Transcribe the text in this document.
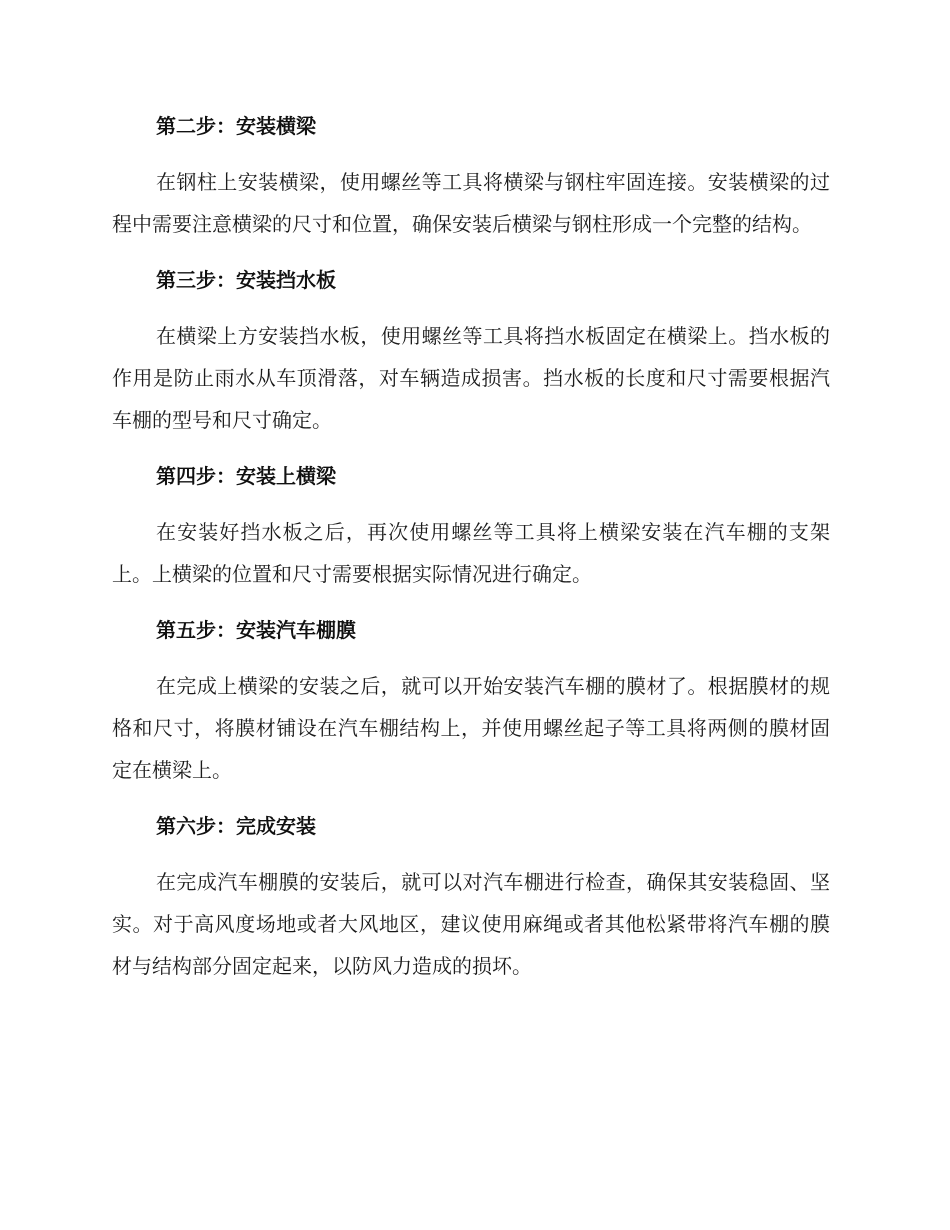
第二步：安装横梁

在钢柱上安装横梁，使用螺丝等工具将横梁与钢柱牢固连接。安装横梁的过程中需要注意横梁的尺寸和位置，确保安装后横梁与钢柱形成一个完整的结构。

第三步：安装挡水板

在横梁上方安装挡水板，使用螺丝等工具将挡水板固定在横梁上。挡水板的作用是防止雨水从车顶滑落，对车辆造成损害。挡水板的长度和尺寸需要根据汽车棚的型号和尺寸确定。

第四步：安装上横梁

在安装好挡水板之后，再次使用螺丝等工具将上横梁安装在汽车棚的支架上。上横梁的位置和尺寸需要根据实际情况进行确定。

第五步：安装汽车棚膜

在完成上横梁的安装之后，就可以开始安装汽车棚的膜材了。根据膜材的规格和尺寸，将膜材铺设在汽车棚结构上，并使用螺丝起子等工具将两侧的膜材固定在横梁上。

第六步：完成安装

在完成汽车棚膜的安装后，就可以对汽车棚进行检查，确保其安装稳固、坚实。对于高风度场地或者大风地区，建议使用麻绳或者其他松紧带将汽车棚的膜材与结构部分固定起来，以防风力造成的损坏。
